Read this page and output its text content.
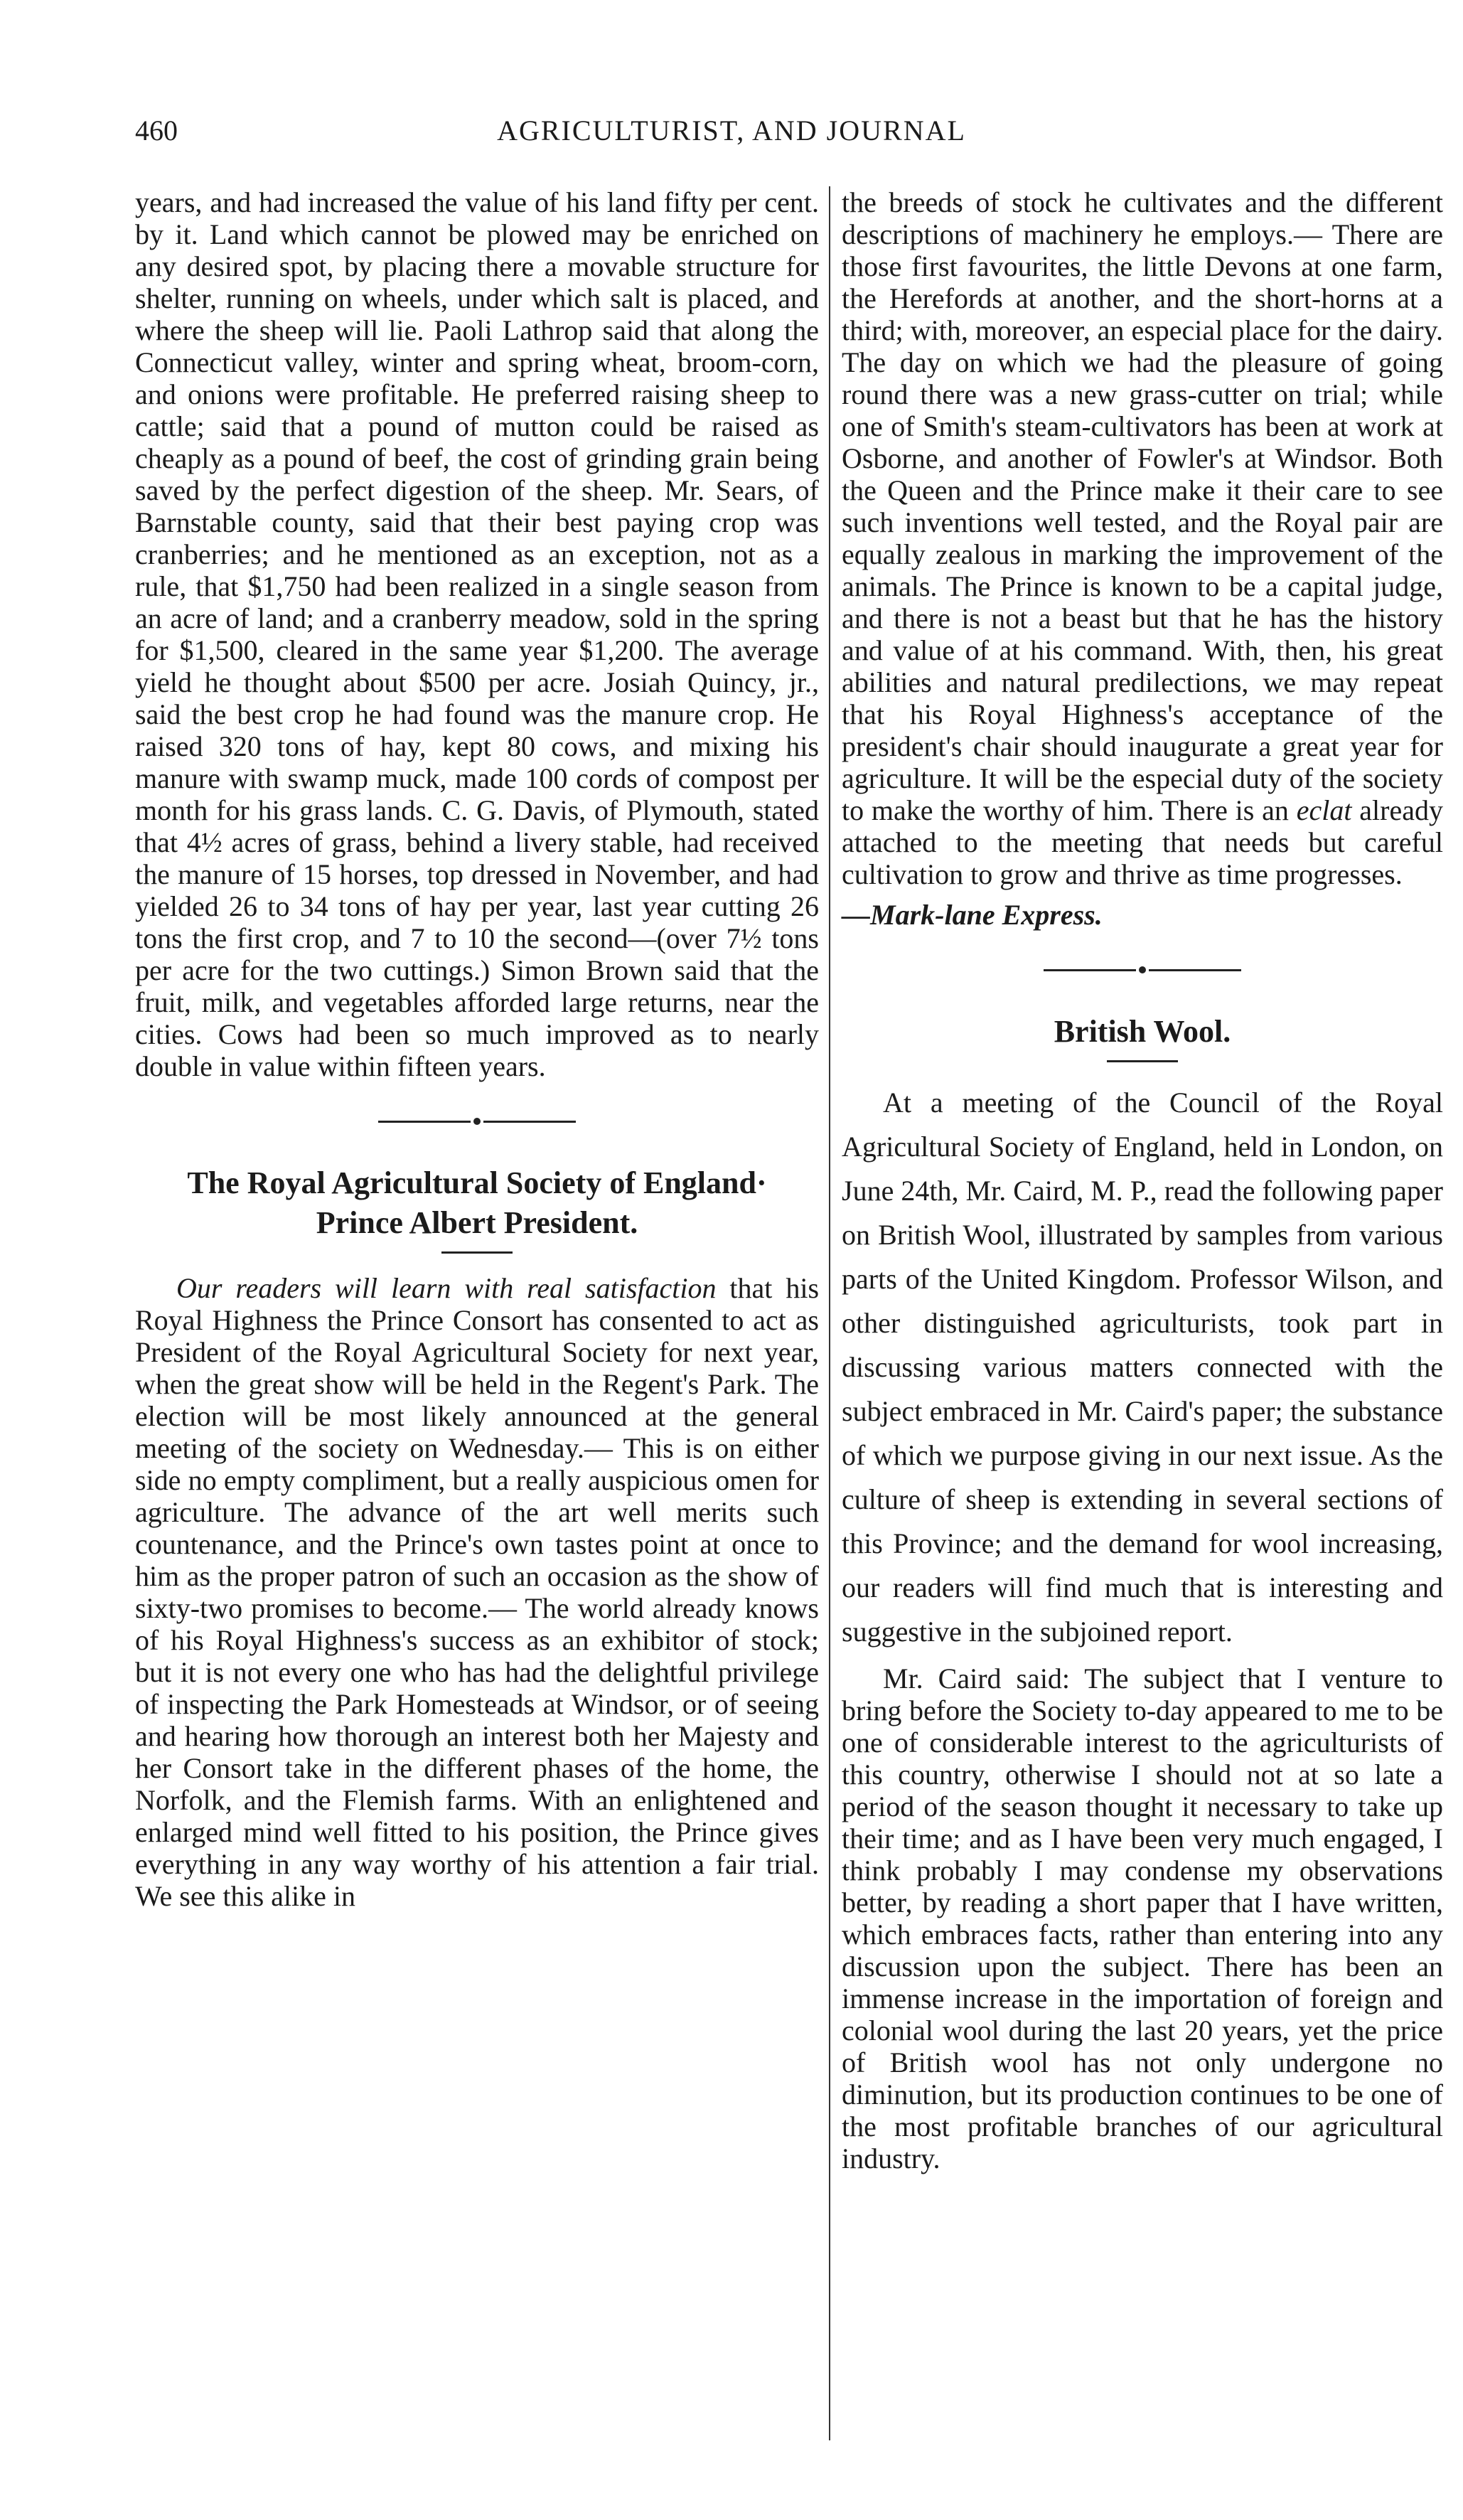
460	AGRICULTURIST, AND JOURNAL

years, and had increased the value of his land fifty per cent. by it. Land which cannot be plowed may be enriched on any desired spot, by placing there a movable structure for shelter, running on wheels, under which salt is placed, and where the sheep will lie. Paoli Lathrop said that along the Connecticut valley, winter and spring wheat, broom-corn, and onions were profitable. He preferred raising sheep to cattle; said that a pound of mutton could be raised as cheaply as a pound of beef, the cost of grinding grain being saved by the perfect digestion of the sheep. Mr. Sears, of Barnstable county, said that their best paying crop was cranberries; and he mentioned as an exception, not as a rule, that $1,750 had been realized in a single season from an acre of land; and a cranberry meadow, sold in the spring for $1,500, cleared in the same year $1,200. The average yield he thought about $500 per acre. Josiah Quincy, jr., said the best crop he had found was the manure crop. He raised 320 tons of hay, kept 80 cows, and mixing his manure with swamp muck, made 100 cords of compost per month for his grass lands. C. G. Davis, of Plymouth, stated that 4½ acres of grass, behind a livery stable, had received the manure of 15 horses, top dressed in November, and had yielded 26 to 34 tons of hay per year, last year cutting 26 tons the first crop, and 7 to 10 the second—(over 7½ tons per acre for the two cuttings.) Simon Brown said that the fruit, milk, and vegetables afforded large returns, near the cities. Cows had been so much improved as to nearly double in value within fifteen years.

The Royal Agricultural Society of England·
Prince Albert President.

Our readers will learn with real satisfaction that his Royal Highness the Prince Consort has consented to act as President of the Royal Agricultural Society for next year, when the great show will be held in the Regent's Park. The election will be most likely announced at the general meeting of the society on Wednesday.— This is on either side no empty compliment, but a really auspicious omen for agriculture. The advance of the art well merits such countenance, and the Prince's own tastes point at once to him as the proper patron of such an occasion as the show of sixty-two promises to become.— The world already knows of his Royal Highness's success as an exhibitor of stock; but it is not every one who has had the delightful privilege of inspecting the Park Homesteads at Windsor, or of seeing and hearing how thorough an interest both her Majesty and her Consort take in the different phases of the home, the Norfolk, and the Flemish farms. With an enlightened and enlarged mind well fitted to his position, the Prince gives everything in any way worthy of his attention a fair trial. We see this alike in

the breeds of stock he cultivates and the different descriptions of machinery he employs.— There are those first favourites, the little Devons at one farm, the Herefords at another, and the short-horns at a third; with, moreover, an especial place for the dairy. The day on which we had the pleasure of going round there was a new grass-cutter on trial; while one of Smith's steam-cultivators has been at work at Osborne, and another of Fowler's at Windsor. Both the Queen and the Prince make it their care to see such inventions well tested, and the Royal pair are equally zealous in marking the improvement of the animals. The Prince is known to be a capital judge, and there is not a beast but that he has the history and value of at his command. With, then, his great abilities and natural predilections, we may repeat that his Royal Highness's acceptance of the president's chair should inaugurate a great year for agriculture. It will be the especial duty of the society to make the worthy of him. There is an eclat already attached to the meeting that needs but careful cultivation to grow and thrive as time progresses.

—Mark-lane Express.

British Wool.

At a meeting of the Council of the Royal Agricultural Society of England, held in London, on June 24th, Mr. Caird, M. P., read the following paper on British Wool, illustrated by samples from various parts of the United Kingdom. Professor Wilson, and other distinguished agriculturists, took part in discussing various matters connected with the subject embraced in Mr. Caird's paper; the substance of which we purpose giving in our next issue. As the culture of sheep is extending in several sections of this Province; and the demand for wool increasing, our readers will find much that is interesting and suggestive in the subjoined report.

Mr. Caird said: The subject that I venture to bring before the Society to-day appeared to me to be one of considerable interest to the agriculturists of this country, otherwise I should not at so late a period of the season thought it necessary to take up their time; and as I have been very much engaged, I think probably I may condense my observations better, by reading a short paper that I have written, which embraces facts, rather than entering into any discussion upon the subject. There has been an immense increase in the importation of foreign and colonial wool during the last 20 years, yet the price of British wool has not only undergone no diminution, but its production continues to be one of the most profitable branches of our agricultural industry.
